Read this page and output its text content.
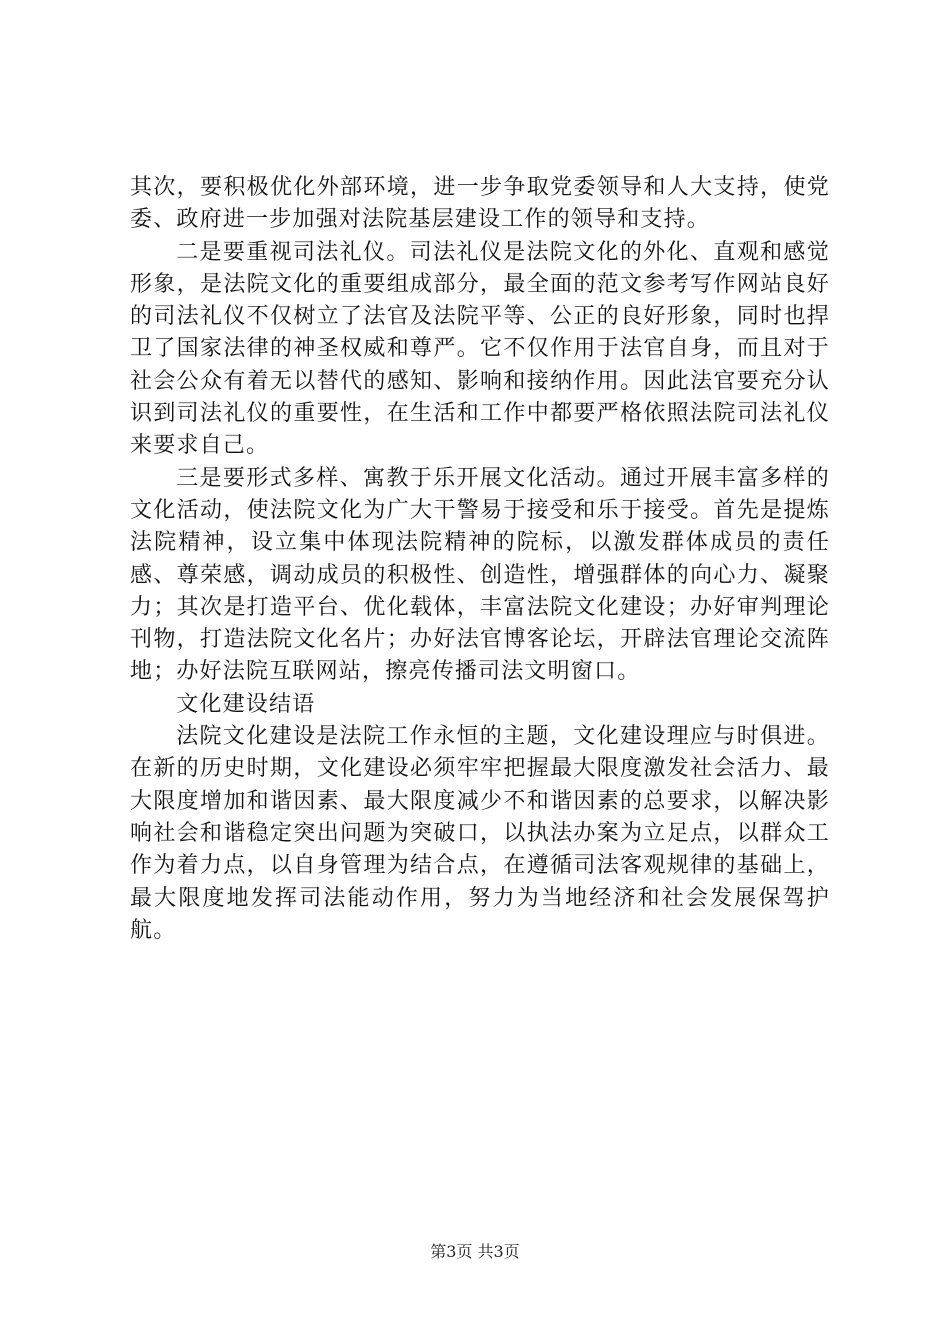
其次，要积极优化外部环境，进一步争取党委领导和人大支持，使党委、政府进一步加强对法院基层建设工作的领导和支持。

二是要重视司法礼仪。司法礼仪是法院文化的外化、直观和感觉形象，是法院文化的重要组成部分，最全面的范文参考写作网站良好的司法礼仪不仅树立了法官及法院平等、公正的良好形象，同时也捍卫了国家法律的神圣权威和尊严。它不仅作用于法官自身，而且对于社会公众有着无以替代的感知、影响和接纳作用。因此法官要充分认识到司法礼仪的重要性，在生活和工作中都要严格依照法院司法礼仪来要求自己。

三是要形式多样、寓教于乐开展文化活动。通过开展丰富多样的文化活动，使法院文化为广大干警易于接受和乐于接受。首先是提炼法院精神，设立集中体现法院精神的院标，以激发群体成员的责任感、尊荣感，调动成员的积极性、创造性，增强群体的向心力、凝聚力；其次是打造平台、优化载体，丰富法院文化建设；办好审判理论刊物，打造法院文化名片；办好法官博客论坛，开辟法官理论交流阵地；办好法院互联网站，擦亮传播司法文明窗口。

文化建设结语

法院文化建设是法院工作永恒的主题，文化建设理应与时俱进。在新的历史时期，文化建设必须牢牢把握最大限度激发社会活力、最大限度增加和谐因素、最大限度减少不和谐因素的总要求，以解决影响社会和谐稳定突出问题为突破口，以执法办案为立足点，以群众工作为着力点，以自身管理为结合点，在遵循司法客观规律的基础上，最大限度地发挥司法能动作用，努力为当地经济和社会发展保驾护航。

第3页 共3页
